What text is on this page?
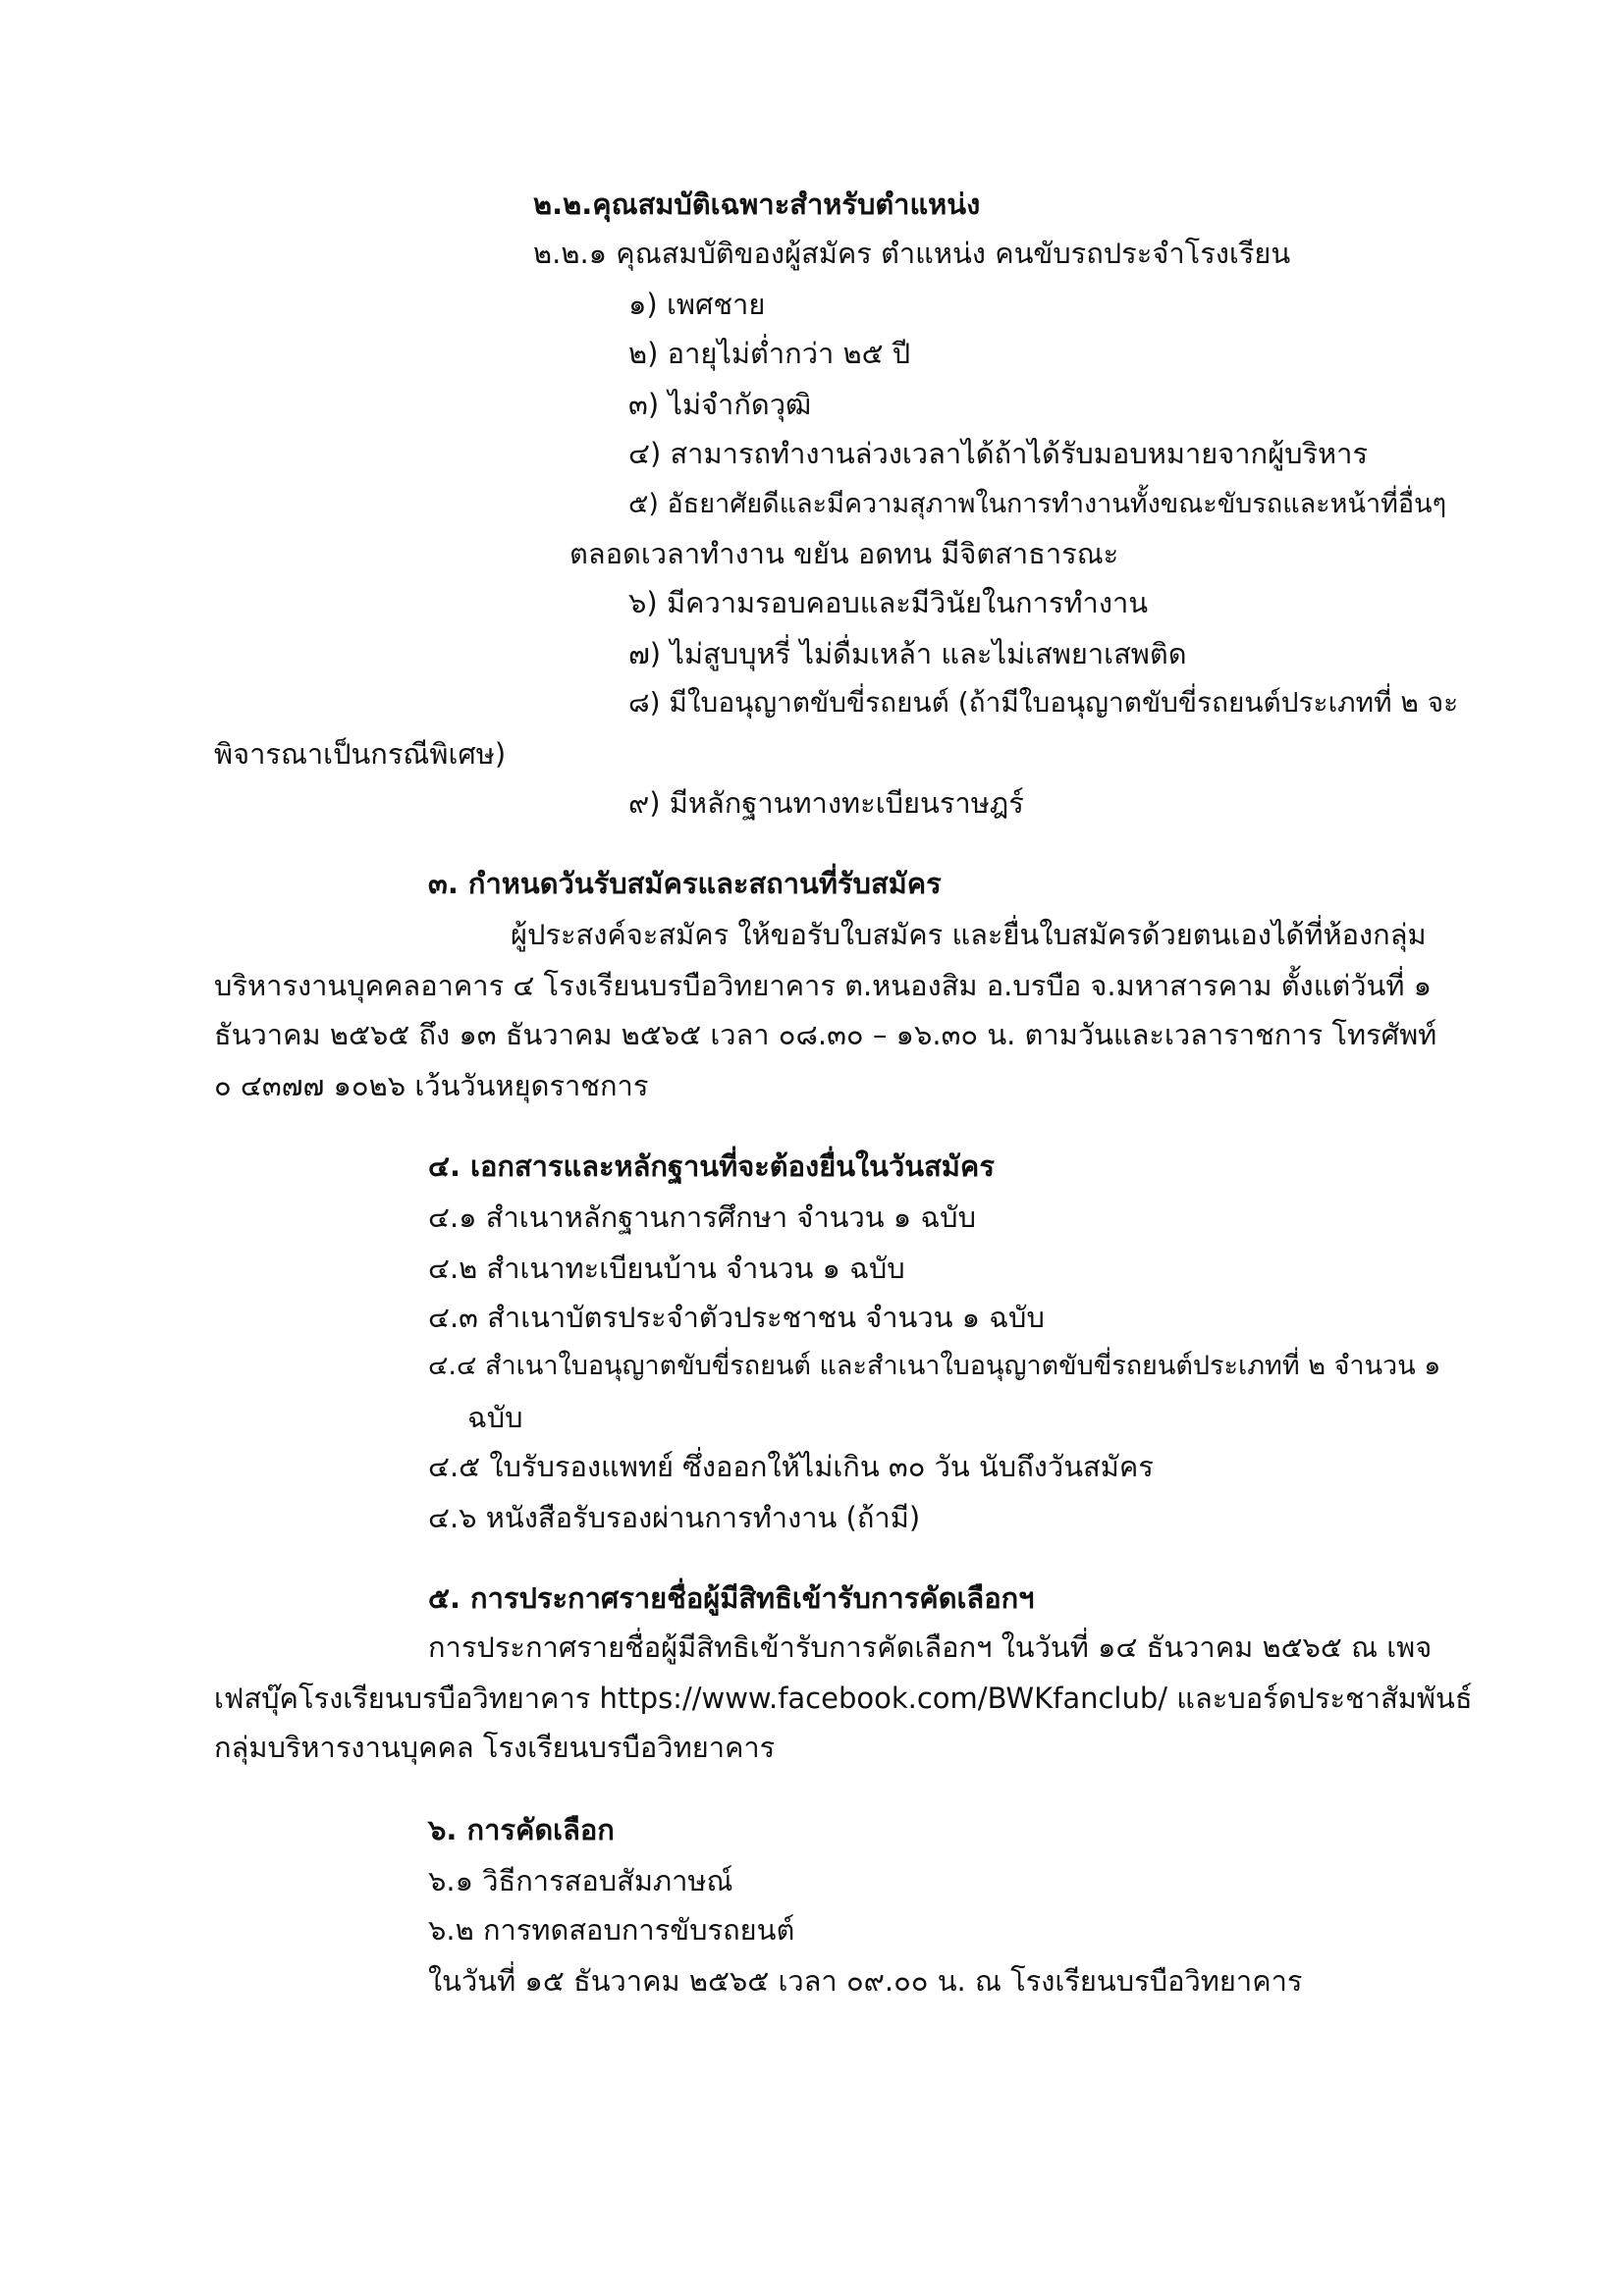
๒.๒.คุณสมบัติเฉพาะสำหรับตำแหน่ง
๒.๒.๑ คุณสมบัติของผู้สมัคร ตำแหน่ง คนขับรถประจำโรงเรียน
๑) เพศชาย
๒) อายุไม่ต่ำกว่า ๒๕ ปี
๓) ไม่จำกัดวุฒิ
๔) สามารถทำงานล่วงเวลาได้ถ้าได้รับมอบหมายจากผู้บริหาร
๕) อัธยาศัยดีและมีความสุภาพในการทำงานทั้งขณะขับรถและหน้าที่อื่นๆ
ตลอดเวลาทำงาน ขยัน อดทน มีจิตสาธารณะ
๖) มีความรอบคอบและมีวินัยในการทำงาน
๗) ไม่สูบบุหรี่ ไม่ดื่มเหล้า และไม่เสพยาเสพติด
๘) มีใบอนุญาตขับขี่รถยนต์ (ถ้ามีใบอนุญาตขับขี่รถยนต์ประเภทที่ ๒ จะ
พิจารณาเป็นกรณีพิเศษ)
๙) มีหลักฐานทางทะเบียนราษฎร์
๓. กำหนดวันรับสมัครและสถานที่รับสมัคร
ผู้ประสงค์จะสมัคร ให้ขอรับใบสมัคร และยื่นใบสมัครด้วยตนเองได้ที่ห้องกลุ่ม
บริหารงานบุคคลอาคาร ๔ โรงเรียนบรบือวิทยาคาร ต.หนองสิม อ.บรบือ จ.มหาสารคาม ตั้งแต่วันที่ ๑
ธันวาคม ๒๕๖๕ ถึง ๑๓ ธันวาคม ๒๕๖๕ เวลา ๐๘.๓๐ – ๑๖.๓๐ น. ตามวันและเวลาราชการ โทรศัพท์
๐ ๔๓๗๗ ๑๐๒๖ เว้นวันหยุดราชการ
๔. เอกสารและหลักฐานที่จะต้องยื่นในวันสมัคร
๔.๑ สำเนาหลักฐานการศึกษา จำนวน ๑ ฉบับ
๔.๒ สำเนาทะเบียนบ้าน จำนวน ๑ ฉบับ
๔.๓ สำเนาบัตรประจำตัวประชาชน จำนวน ๑ ฉบับ
๔.๔ สำเนาใบอนุญาตขับขี่รถยนต์ และสำเนาใบอนุญาตขับขี่รถยนต์ประเภทที่ ๒ จำนวน ๑
ฉบับ
๔.๕ ใบรับรองแพทย์ ซึ่งออกให้ไม่เกิน ๓๐ วัน นับถึงวันสมัคร
๔.๖ หนังสือรับรองผ่านการทำงาน (ถ้ามี)
๕. การประกาศรายชื่อผู้มีสิทธิเข้ารับการคัดเลือกฯ
การประกาศรายชื่อผู้มีสิทธิเข้ารับการคัดเลือกฯ ในวันที่ ๑๔ ธันวาคม ๒๕๖๕ ณ เพจ
เฟสบุ๊คโรงเรียนบรบือวิทยาคาร https://www.facebook.com/BWKfanclub/ และบอร์ดประชาสัมพันธ์
กลุ่มบริหารงานบุคคล โรงเรียนบรบือวิทยาคาร
๖. การคัดเลือก
๖.๑ วิธีการสอบสัมภาษณ์
๖.๒ การทดสอบการขับรถยนต์
ในวันที่ ๑๕ ธันวาคม ๒๕๖๕ เวลา ๐๙.๐๐ น. ณ โรงเรียนบรบือวิทยาคาร
